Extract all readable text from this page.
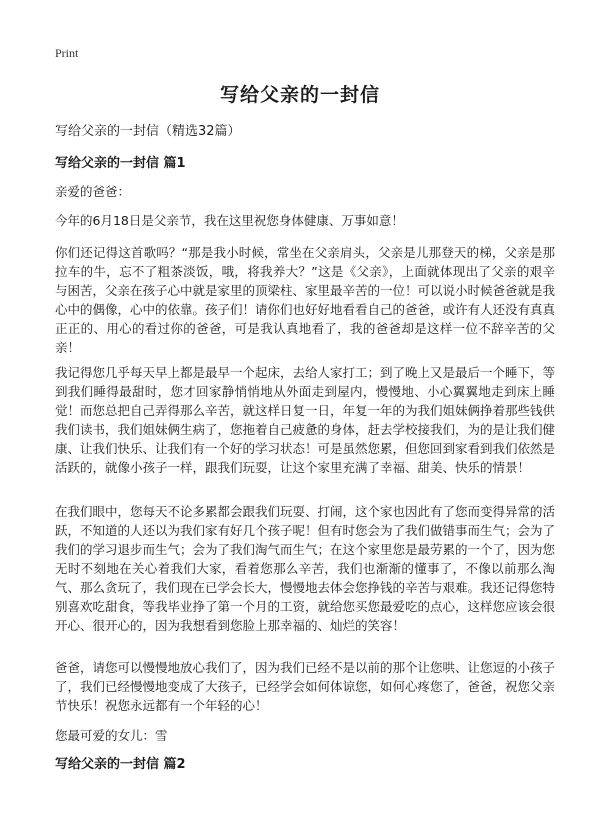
Print
写给父亲的一封信

写给父亲的一封信（精选32篇）

写给父亲的一封信 篇1

亲爱的爸爸：

今年的6月18日是父亲节，我在这里祝您身体健康、万事如意！

你们还记得这首歌吗？“那是我小时候，常坐在父亲肩头，父亲是儿那登天的梯，父亲是那拉车的牛，忘不了粗茶淡饭，哦，将我养大？”这是《父亲》，上面就体现出了父亲的艰辛与困苦，父亲在孩子心中就是家里的顶梁柱、家里最辛苦的一位！可以说小时候爸爸就是我心中的偶像，心中的依靠。孩子们！请你们也好好地看看自己的爸爸，或许有人还没有真真正正的、用心的看过你的爸爸，可是我认真地看了，我的爸爸却是这样一位不辞辛苦的父亲！

我记得您几乎每天早上都是最早一个起床，去给人家打工；到了晚上又是最后一个睡下，等到我们睡得最甜时，您才回家静悄悄地从外面走到屋内，慢慢地、小心翼翼地走到床上睡觉！而您总把自己弄得那么辛苦，就这样日复一日，年复一年的为我们姐妹俩挣着那些钱供我们读书，我们姐妹俩生病了，您拖着自己疲惫的身体，赶去学校接我们，为的是让我们健康、让我们快乐、让我们有一个好的学习状态！可是虽然您累，但您回到家看到我们依然是活跃的，就像小孩子一样，跟我们玩耍，让这个家里充满了幸福、甜美、快乐的情景！

在我们眼中，您每天不论多累都会跟我们玩耍、打闹，这个家也因此有了您而变得异常的活跃，不知道的人还以为我们家有好几个孩子呢！但有时您会为了我们做错事而生气；会为了我们的学习退步而生气；会为了我们淘气而生气；在这个家里您是最劳累的一个了，因为您无时不刻地在关心着我们大家，看着您那么辛苦，我们也渐渐的懂事了，不像以前那么淘气、那么贪玩了，我们现在已学会长大，慢慢地去体会您挣钱的辛苦与艰难。我还记得您特别喜欢吃甜食，等我毕业挣了第一个月的工资，就给您买您最爱吃的点心，这样您应该会很开心、很开心的，因为我想看到您脸上那幸福的、灿烂的笑容！

爸爸，请您可以慢慢地放心我们了，因为我们已经不是以前的那个让您哄、让您逗的小孩子了，我们已经慢慢地变成了大孩子，已经学会如何体谅您，如何心疼您了，爸爸，祝您父亲节快乐！祝您永远都有一个年轻的心！

您最可爱的女儿：雪

写给父亲的一封信 篇2
